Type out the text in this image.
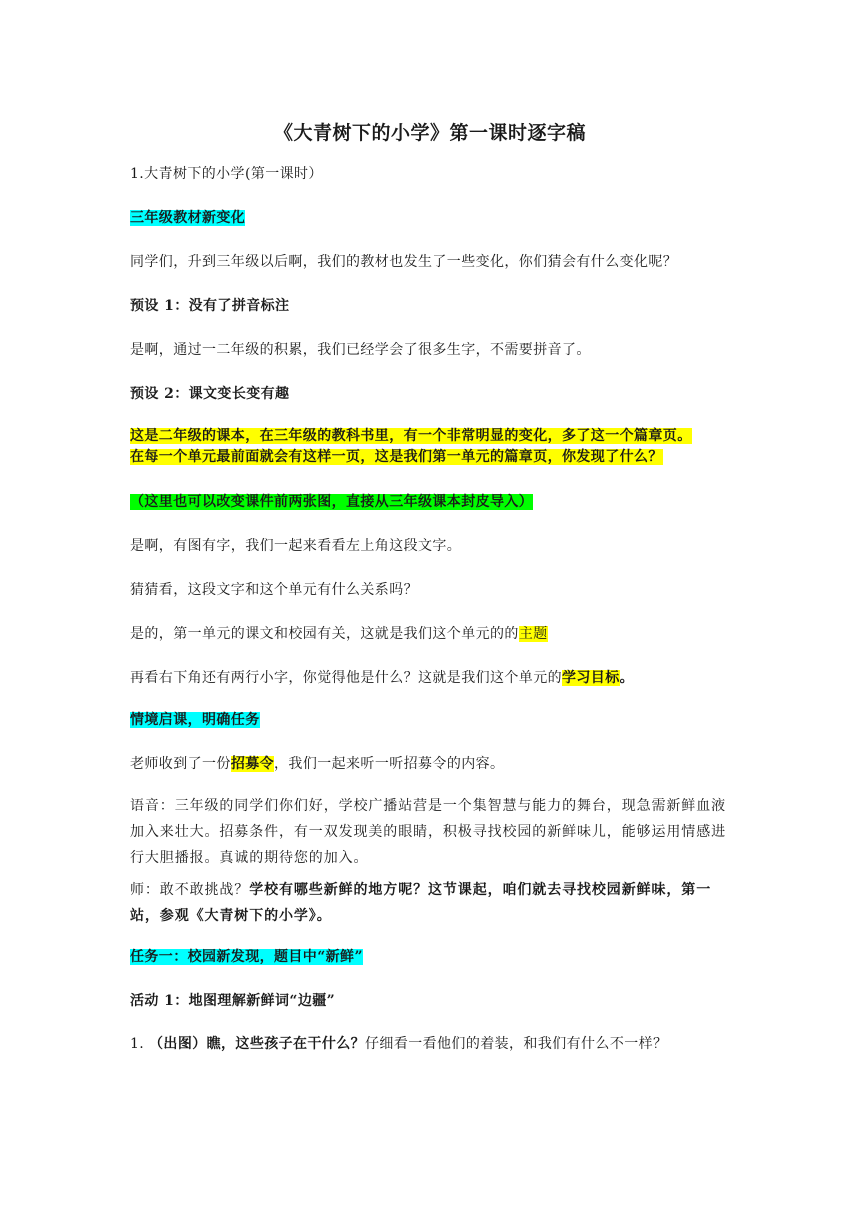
《大青树下的小学》第一课时逐字稿
1.大青树下的小学(第一课时）
三年级教材新变化
同学们，升到三年级以后啊，我们的教材也发生了一些变化，你们猜会有什么变化呢？
预设 1：没有了拼音标注
是啊，通过一二年级的积累，我们已经学会了很多生字，不需要拼音了。
预设 2：课文变长变有趣
这是二年级的课本，在三年级的教科书里，有一个非常明显的变化，多了这一个篇章页。
在每一个单元最前面就会有这样一页，这是我们第一单元的篇章页，你发现了什么？
（这里也可以改变课件前两张图，直接从三年级课本封皮导入）
是啊，有图有字，我们一起来看看左上角这段文字。
猜猜看，这段文字和这个单元有什么关系吗？
是的，第一单元的课文和校园有关，这就是我们这个单元的的主题
再看右下角还有两行小字，你觉得他是什么？这就是我们这个单元的学习目标。
情境启课，明确任务
老师收到了一份招募令，我们一起来听一听招募令的内容。
语音：三年级的同学们你们好，学校广播站营是一个集智慧与能力的舞台，现急需新鲜血液加入来壮大。招募条件，有一双发现美的眼睛，积极寻找校园的新鲜味儿，能够运用情感进行大胆播报。真诚的期待您的加入。
师：敢不敢挑战？学校有哪些新鲜的地方呢？这节课起，咱们就去寻找校园新鲜味，第一站，参观《大青树下的小学》。
任务一：校园新发现，题目中“新鲜”
活动 1：地图理解新鲜词“边疆”
1. （出图）瞧，这些孩子在干什么？仔细看一看他们的着装，和我们有什么不一样？
